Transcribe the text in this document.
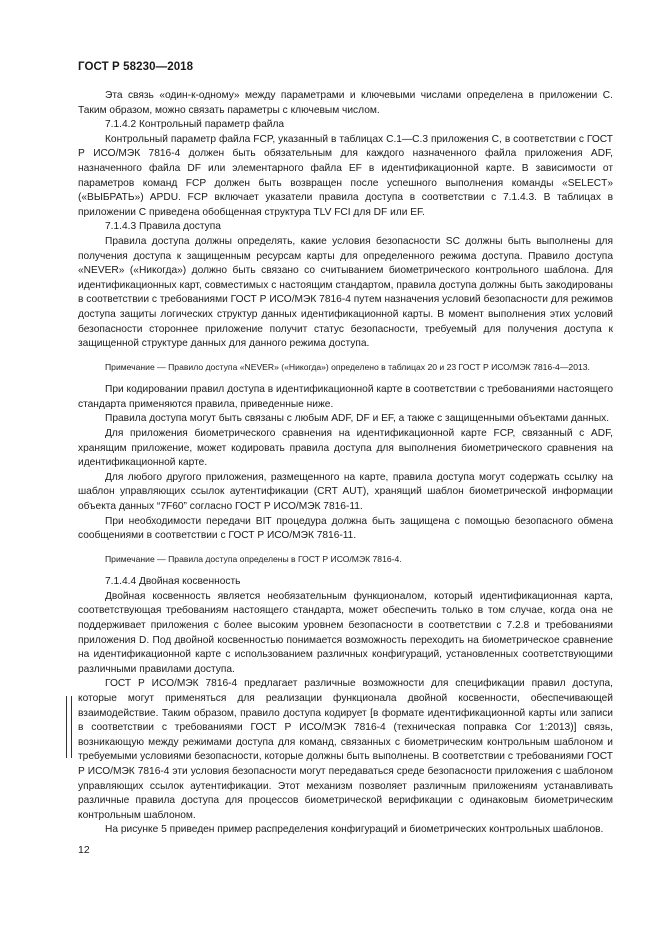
ГОСТ Р 58230—2018

Эта связь «один-к-одному» между параметрами и ключевыми числами определена в приложении С. Таким образом, можно связать параметры с ключевым числом.

7.1.4.2 Контрольный параметр файла

Контрольный параметр файла FCP, указанный в таблицах С.1—С.3 приложения С, в соответствии с ГОСТ Р ИСО/МЭК 7816-4 должен быть обязательным для каждого назначенного файла приложения ADF, назначенного файла DF или элементарного файла EF в идентификационной карте. В зависимости от параметров команд FCP должен быть возвращен после успешного выполнения команды «SELECT» («ВЫБРАТЬ») APDU. FCP включает указатели правила доступа в соответствии с 7.1.4.3. В таблицах в приложении С приведена обобщенная структура TLV FCI для DF или EF.

7.1.4.3 Правила доступа

Правила доступа должны определять, какие условия безопасности SC должны быть выполнены для получения доступа к защищенным ресурсам карты для определенного режима доступа. Правило доступа «NEVER» («Никогда») должно быть связано со считыванием биометрического контрольного шаблона. Для идентификационных карт, совместимых с настоящим стандартом, правила доступа должны быть закодированы в соответствии с требованиями ГОСТ Р ИСО/МЭК 7816-4 путем назначения условий безопасности для режимов доступа защиты логических структур данных идентификационной карты. В момент выполнения этих условий безопасности стороннее приложение получит статус безопасности, требуемый для получения доступа к защищенной структуре данных для данного режима доступа.

Примечание — Правило доступа «NEVER» («Никогда») определено в таблицах 20 и 23 ГОСТ Р ИСО/МЭК 7816-4—2013.

При кодировании правил доступа в идентификационной карте в соответствии с требованиями настоящего стандарта применяются правила, приведенные ниже.

Правила доступа могут быть связаны с любым ADF, DF и EF, а также с защищенными объектами данных.

Для приложения биометрического сравнения на идентификационной карте FCP, связанный с ADF, хранящим приложение, может кодировать правила доступа для выполнения биометрического сравнения на идентификационной карте.

Для любого другого приложения, размещенного на карте, правила доступа могут содержать ссылку на шаблон управляющих ссылок аутентификации (CRT AUT), хранящий шаблон биометрической информации объекта данных “7F60” согласно ГОСТ Р ИСО/МЭК 7816-11.

При необходимости передачи BIT процедура должна быть защищена с помощью безопасного обмена сообщениями в соответствии с ГОСТ Р ИСО/МЭК 7816-11.

Примечание — Правила доступа определены в ГОСТ Р ИСО/МЭК 7816-4.

7.1.4.4 Двойная косвенность

Двойная косвенность является необязательным функционалом, который идентификационная карта, соответствующая требованиям настоящего стандарта, может обеспечить только в том случае, когда она не поддерживает приложения с более высоким уровнем безопасности в соответствии с 7.2.8 и требованиями приложения D. Под двойной косвенностью понимается возможность переходить на биометрическое сравнение на идентификационной карте с использованием различных конфигураций, установленных соответствующими различными правилами доступа.

ГОСТ Р ИСО/МЭК 7816-4 предлагает различные возможности для спецификации правил доступа, которые могут применяться для реализации функционала двойной косвенности, обеспечивающей взаимодействие. Таким образом, правило доступа кодирует [в формате идентификационной карты или записи в соответствии с требованиями ГОСТ Р ИСО/МЭК 7816-4 (техническая поправка Cor 1:2013)] связь, возникающую между режимами доступа для команд, связанных с биометрическим контрольным шаблоном и требуемыми условиями безопасности, которые должны быть выполнены. В соответствии с требованиями ГОСТ Р ИСО/МЭК 7816-4 эти условия безопасности могут передаваться среде безопасности приложения с шаблоном управляющих ссылок аутентификации. Этот механизм позволяет различным приложениям устанавливать различные правила доступа для процессов биометрической верификации с одинаковым биометрическим контрольным шаблоном.

На рисунке 5 приведен пример распределения конфигураций и биометрических контрольных шаблонов.

12
